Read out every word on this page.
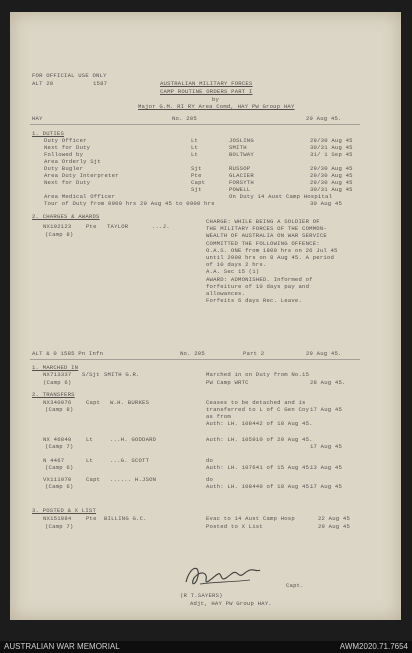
FOR OFFICIAL USE ONLY
ALT 20	1587	AUSTRALIAN MILITARY FORCES
CAMP ROUTINE ORDERS PART I
by
Major G.M. RI RY Area Comd, HAY PW Group HAY
HAY	No. 205	29 Aug 45.
1. DUTIES
Duty Officer	Lt	JOSLING	29/30 Aug 45
Next for Duty	Lt	SMITH	30/31 Aug 45
Followed by	Lt	BOLTWAY	31/ 1 Sep 45
Area Orderly Sjt
Duty Bugler	Sjt	RUSSOP	29/30 Aug 45
Area Duty Interpreter	Pte	GLACIER	29/30 Aug 45
Next for Duty	Capt	FORSYTH	29/30 Aug 45
Sjt	POWELL	30/31 Aug 45
Area Medical Officer	On Duty 14 Aust Camp Hospital
Tour of Duty from 0900 hrs 29 Aug 45 to 0900 hrs	30 Aug 45
2. CHARGES & AWARDS
NX192123	Pte TAYLOR	...J.
(Camp 8)
CHARGE: WHILE BEING A SOLDIER OF
THE MILITARY FORCES OF THE COMMON-
WEALTH OF AUSTRALIA ON WAR SERVICE
COMMITTED THE FOLLOWING OFFENCE:
O.A.S. ONE from 1800 hrs on 26 Jul 45
until 2000 hrs on 8 Aug 45. A period
of 10 days 2 hrs.
A.A. Sec 15 (1)
AWARD: ADMONISHED. Informed of
forfeiture of 10 days pay and
allowances.
Forfeits 6 days Rec. Leave.
ALT & 0 1585 Pn Infn	No. 205	Part 2	29 Aug 45.
1. MARCHED IN
NX713337 S/Sjt SMITH G.R.
(Camp 6)
Marched in on Duty from No.15
PW Camp WRTC	28 Aug 45.
2. TRANSFERS
NX340076	Capt W.H. BURKES
(Camp 8)
Ceases to be detached and is
transferred to L of C Gen Coy
as from
Auth: LH. 108442 of 18 Aug 45.
17 Aug 45
NX 46840	Lt	...H. GODDARD
(Camp 7)
Auth: LH. 105910 of 20 Aug 45.
17 Aug 45
N 4467	Lt	...G. SCOTT
(Camp 6)
do
Auth: LH. 107641 of 15 Aug 45.
13 Aug 45
VX111070	Capt ...... H.JSON
(Camp 6)
do
Auth: LH. 108440 of 18 Aug 45.
17 Aug 45
3. POSTED & X LIST
NX151084	Pte BILLING G.C.
(Camp 7)
Evac to 14 Aust Camp Hosp
Posted to X List
22 Aug 45
29 Aug 45
Capt.
(R T.SAYERS)
Adjt, HAY PW Group HAY.
AUSTRALIAN WAR MEMORIAL	AWM2020.71.7654
